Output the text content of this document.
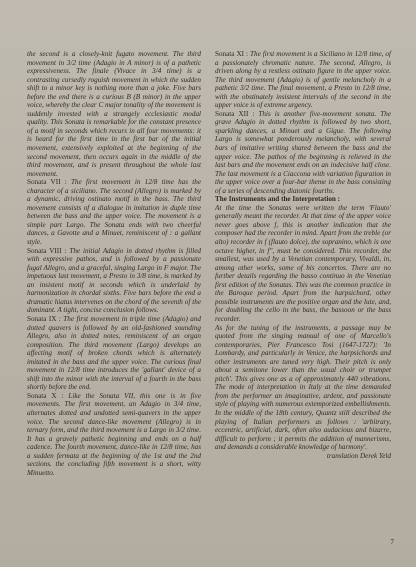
the second is a closely-knit fugato movement. The third movement in 3/2 time (Adagio in A minor) is of a pathetic expressiveness. The finale (Vivace in 3/4 time) is a contrasting cursedly roguish movement in which the sudden shift to a minor key is nothing more than a joke. Five bars before the end there is a curious B (B minor) in the upper voice, whereby the clear C major tonality of the movement is suddenly invested with a strangely ecclesiastic modal quality. This Sonata is remarkable for the constant presence of a motif in seconds which recurs in all four movements: it is heard for the first time in the first bar of the initial movement, extensively exploited at the beginning of the second movement, then occurs again in the middle of the third movement, and is present throughout the whole last movement.

Sonata VII : The first movement in 12/8 time has the character of a siciliano. The second (Allegro) is marked by a dynamic, driving ostinato motif in the bass. The third movement consists of a dialogue in imitation in duple time between the bass and the upper voice. The movement is a simple part Largo. The Sonata ends with two cheerful dances, a Gavotte and a Minuet, reminiscent of : a gallant style.

Sonata VIII : The initial Adagio in dotted rhythm is filled with expressive pathos, and is followed by a passionate fugal Allegro, and a graceful, singing Largo in F major. The impetuous last movement, a Presto in 3/8 time, is marked by an insistent motif in seconds which is underlaid by harmonization in chordal sixths. Five bars before the end a dramatic hiatus intervenes on the chord of the seventh of the dominant. A tight, concise conclusion follows.

Sonata IX : The first movement in triple time (Adagio) and dotted quavers is followed by an old-fashioned sounding Allegro, also in dotted notes, reminiscent of an organ composition. The third movement (Largo) develops an affecting motif of broken chords which is alternately imitated in the bass and the upper voice. The curious final movement in 12/8 time introduces the 'gallant' device of a shift into the minor with the interval of a fourth in the bass shortly before the end.

Sonata X : Like the Sonata VII, this one is in five movements. The first movement, an Adagio in 3/4 time, alternates dotted and undotted semi-quavers in the upper voice. The second dance-like movement (Allegro) is in ternary form, and the third movement is a Largo in 3/2 time. It has a gravely pathetic beginning and ends on a half cadence. The fourth movement, dance-like in 12/8 time, has a sudden fermata at the beginning of the 1st and the 2nd sections. the concluding fifth movement is a short, witty Minuetto.

Sonata XI : The first movement is a Siciliano in 12/8 time, of a passionately chromatic nature. The second, Allegro, is driven along by a restless ostinato figure in the upper voice. The third movement (Adagio) is of gentle melancholy in a pathetic 3/2 time. The final movement, a Presto in 12/8 time, with the obstinately insistent intervals of the second in the upper voice is of extreme urgency.

Sonata XII : This is another five-movement sonata. The grave Adagio in dotted rhythm is followed by two short, sparkling dances, a Minuet and a Gigue. The following Largo is somewhat ponderously melancholy, with several bars of imitative writing shared between the bass and the upper voice. The pathos of the beginning is relieved in the last bars and the movement ends on an indecisive half close. The last movement is a Ciaccona with variation figuration in the upper voice over a four-bar theme in the bass consisting of a series of descending diatonic fourths.

The Instruments and the Interpretation :

At the time the Sonatas were written the term 'Flauto' generally meant the recorder. At that time of the upper voice never goes above f, this is another indication that the composer had the recorder in mind. Apart from the treble (or alto) recorder in f (flauto dolce), the sopranino, which is one octave higher, in f'', must be considered. This recorder, the smallest, was used by a Venetian contemporary, Vivaldi, in, among other works, some of his concertos. There are no further details regarding the basso continuo in the Venetian first edition of the Sonatas. This was the common practice in the Baroque period. Apart from the harpsichord, other possible instruments are the positive organ and the lute, and, for doubling the cello in the bass, the bassoon or the bass recorder.

As for the tuning of the instruments, a passage may be quoted from the singing manual of one of Marcello's contemporaries, Pier Francesco Tosi (1647-1727): 'In Lombardy, and particularly in Venice, the harpsichords and other instruments are tuned very high. Their pitch is only about a semitone lower than the usual choir or trumpet pitch'. This gives one as a of approximately 440 vibrations. The mode of interpretation in Italy at the time demanded from the performer an imaginative, ardent, and passionate style of playing with numerous extemporized embellishments. In the middle of the 18th century, Quantz still described the playing of Italian performers as follows : 'arbitrary, eccentric, artificial, dark, often also audacious and bizarre, difficult to perform ; it permits the addition of mannerisms, and demands a considerable knowledge of harmony'.

translation Derek Yeld

7
